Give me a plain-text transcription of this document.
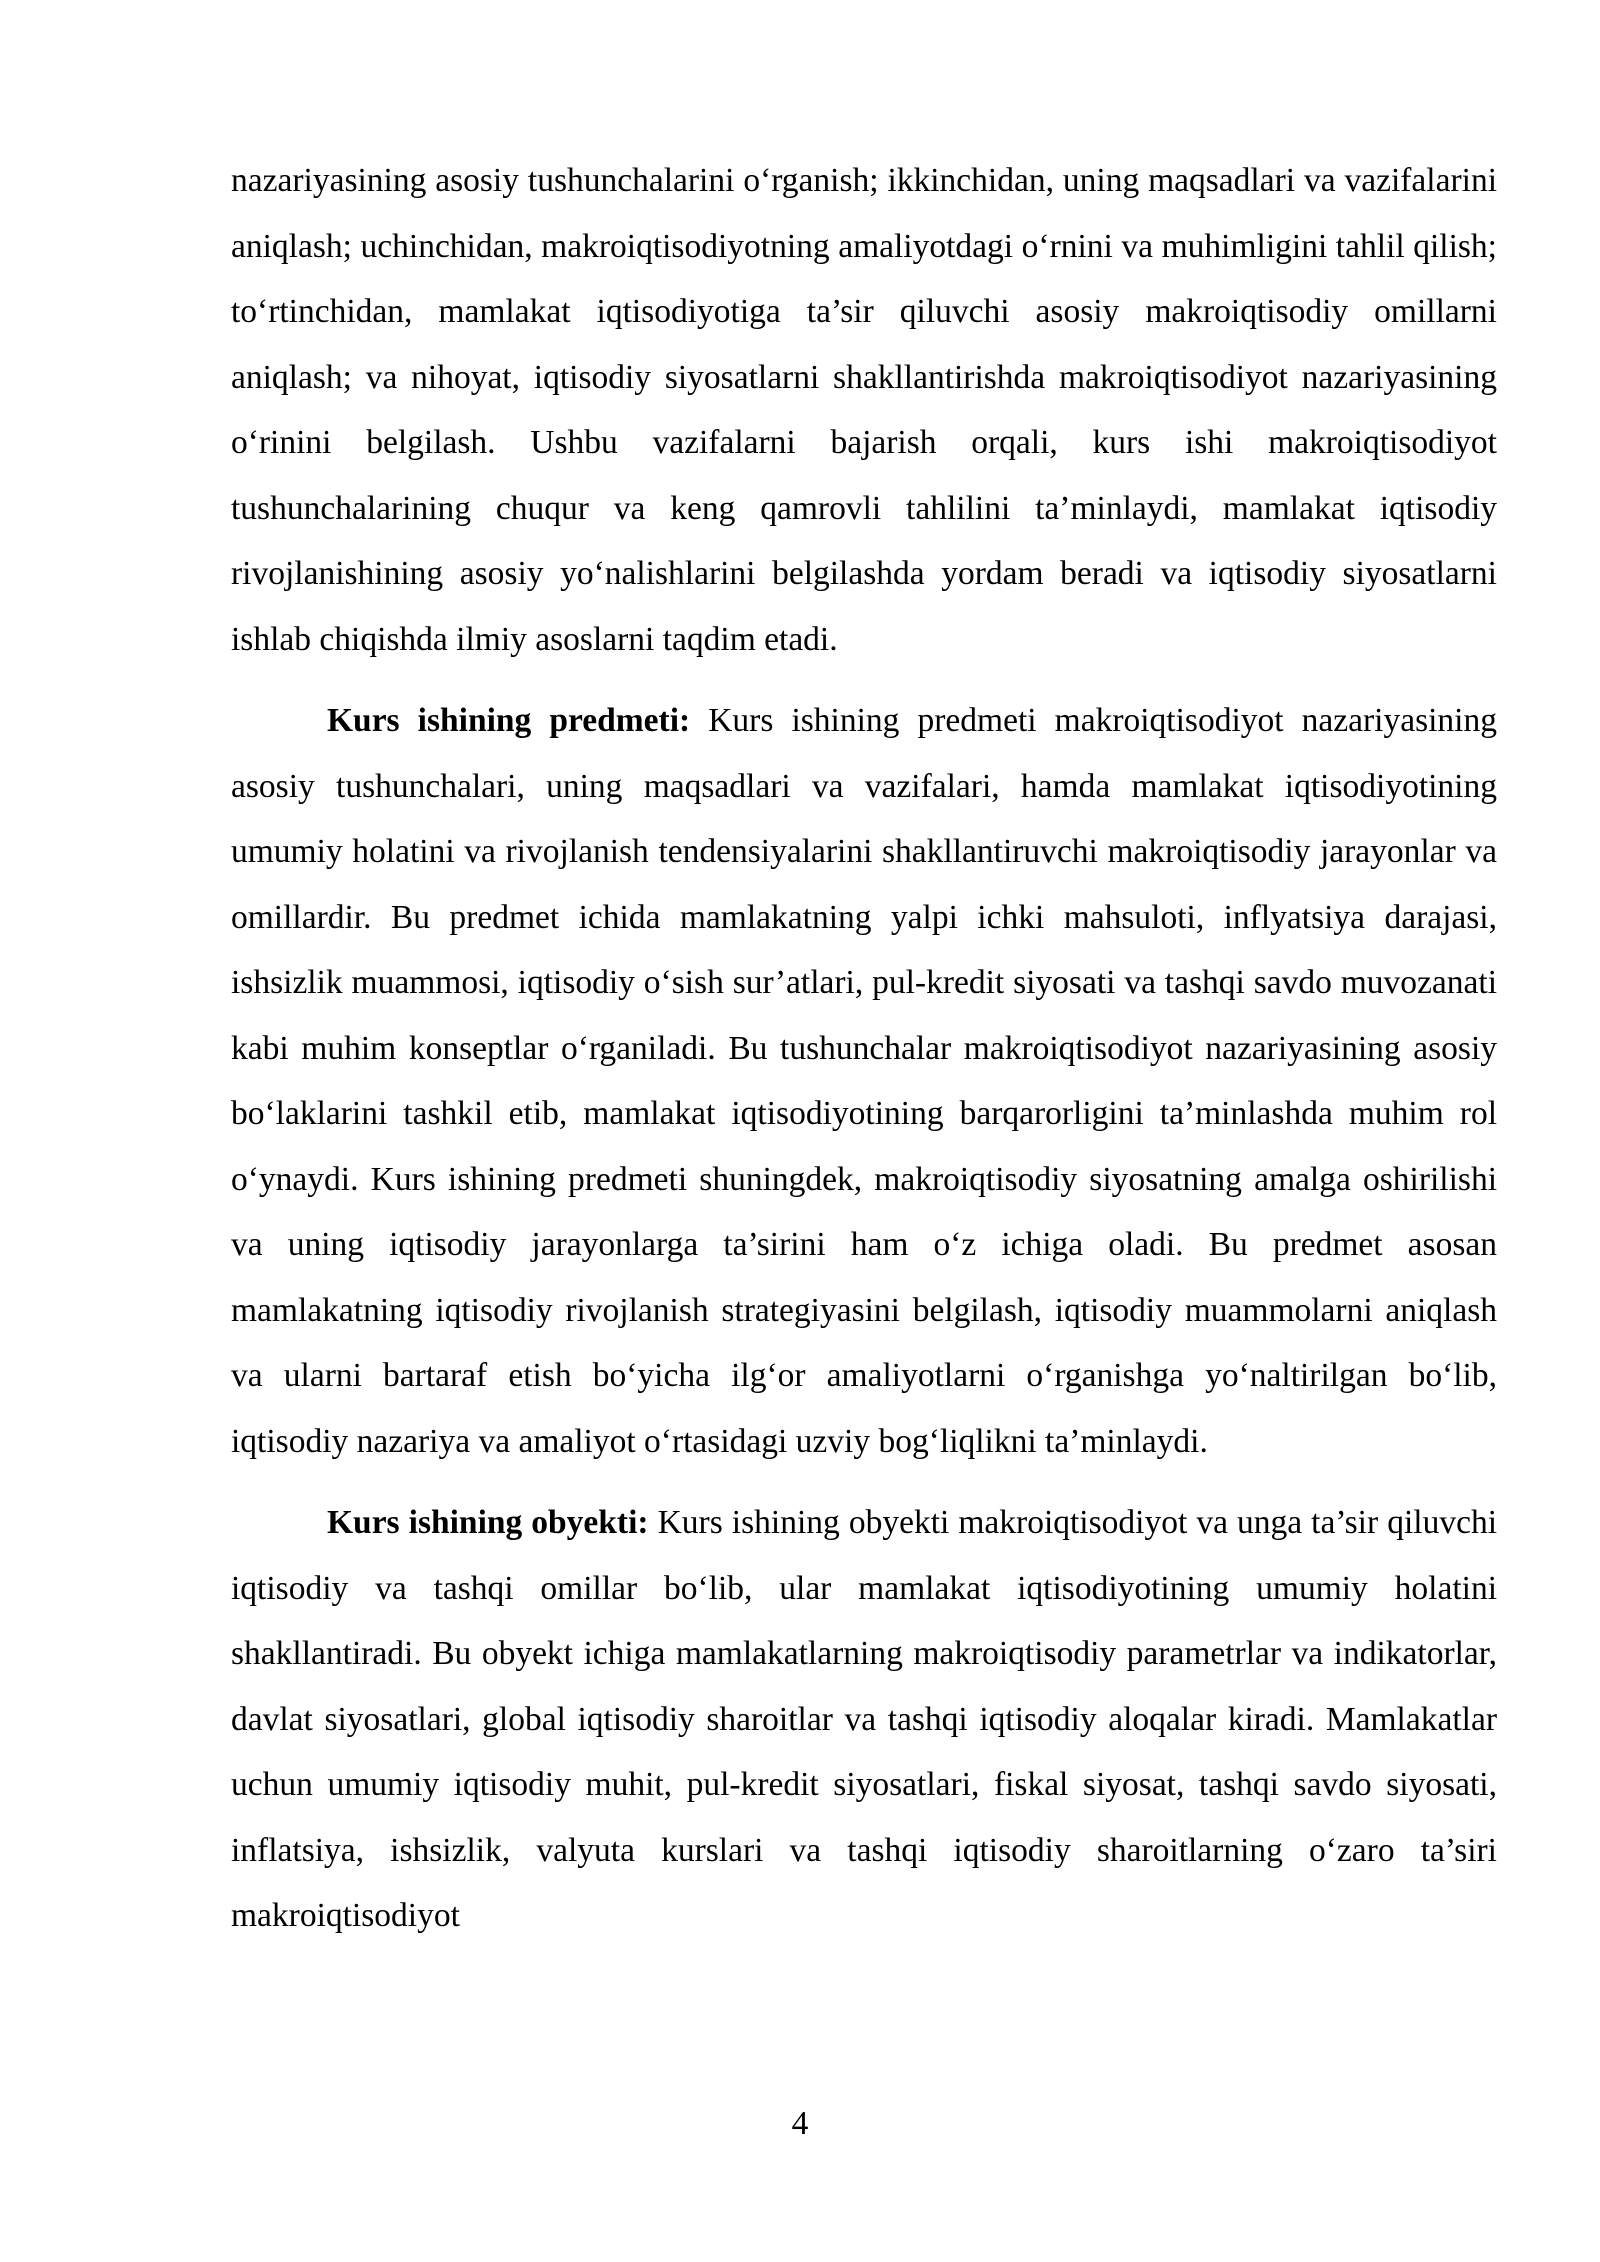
nazariyasining asosiy tushunchalarini o‘rganish; ikkinchidan, uning maqsadlari va vazifalarini aniqlash; uchinchidan, makroiqtisodiyotning amaliyotdagi o‘rnini va muhimligini tahlil qilish; to‘rtinchidan, mamlakat iqtisodiyotiga ta’sir qiluvchi asosiy makroiqtisodiy omillarni aniqlash; va nihoyat, iqtisodiy siyosatlarni shakllantirishda makroiqtisodiyot nazariyasining o‘rinini belgilash. Ushbu vazifalarni bajarish orqali, kurs ishi makroiqtisodiyot tushunchalarining chuqur va keng qamrovli tahlilini ta’minlaydi, mamlakat iqtisodiy rivojlanishining asosiy yo‘nalishlarini belgilashda yordam beradi va iqtisodiy siyosatlarni ishlab chiqishda ilmiy asoslarni taqdim etadi.

Kurs ishining predmeti: Kurs ishining predmeti makroiqtisodiyot nazariyasining asosiy tushunchalari, uning maqsadlari va vazifalari, hamda mamlakat iqtisodiyotining umumiy holatini va rivojlanish tendensiyalarini shakllantiruvchi makroiqtisodiy jarayonlar va omillardir. Bu predmet ichida mamlakatning yalpi ichki mahsuloti, inflyatsiya darajasi, ishsizlik muammosi, iqtisodiy o‘sish sur’atlari, pul-kredit siyosati va tashqi savdo muvozanati kabi muhim konseptlar o‘rganiladi. Bu tushunchalar makroiqtisodiyot nazariyasining asosiy bo‘laklarini tashkil etib, mamlakat iqtisodiyotining barqarorligini ta’minlashda muhim rol o‘ynaydi. Kurs ishining predmeti shuningdek, makroiqtisodiy siyosatning amalga oshirilishi va uning iqtisodiy jarayonlarga ta’sirini ham o‘z ichiga oladi. Bu predmet asosan mamlakatning iqtisodiy rivojlanish strategiyasini belgilash, iqtisodiy muammolarni aniqlash va ularni bartaraf etish bo‘yicha ilg‘or amaliyotlarni o‘rganishga yo‘naltirilgan bo‘lib, iqtisodiy nazariya va amaliyot o‘rtasidagi uzviy bog‘liqlikni ta’minlaydi.

Kurs ishining obyekti: Kurs ishining obyekti makroiqtisodiyot va unga ta’sir qiluvchi iqtisodiy va tashqi omillar bo‘lib, ular mamlakat iqtisodiyotining umumiy holatini shakllantiradi. Bu obyekt ichiga mamlakatlarning makroiqtisodiy parametrlar va indikatorlar, davlat siyosatlari, global iqtisodiy sharoitlar va tashqi iqtisodiy aloqalar kiradi. Mamlakatlar uchun umumiy iqtisodiy muhit, pul-kredit siyosatlari, fiskal siyosat, tashqi savdo siyosati, inflatsiya, ishsizlik, valyuta kurslari va tashqi iqtisodiy sharoitlarning o‘zaro ta’siri makroiqtisodiyot

4
